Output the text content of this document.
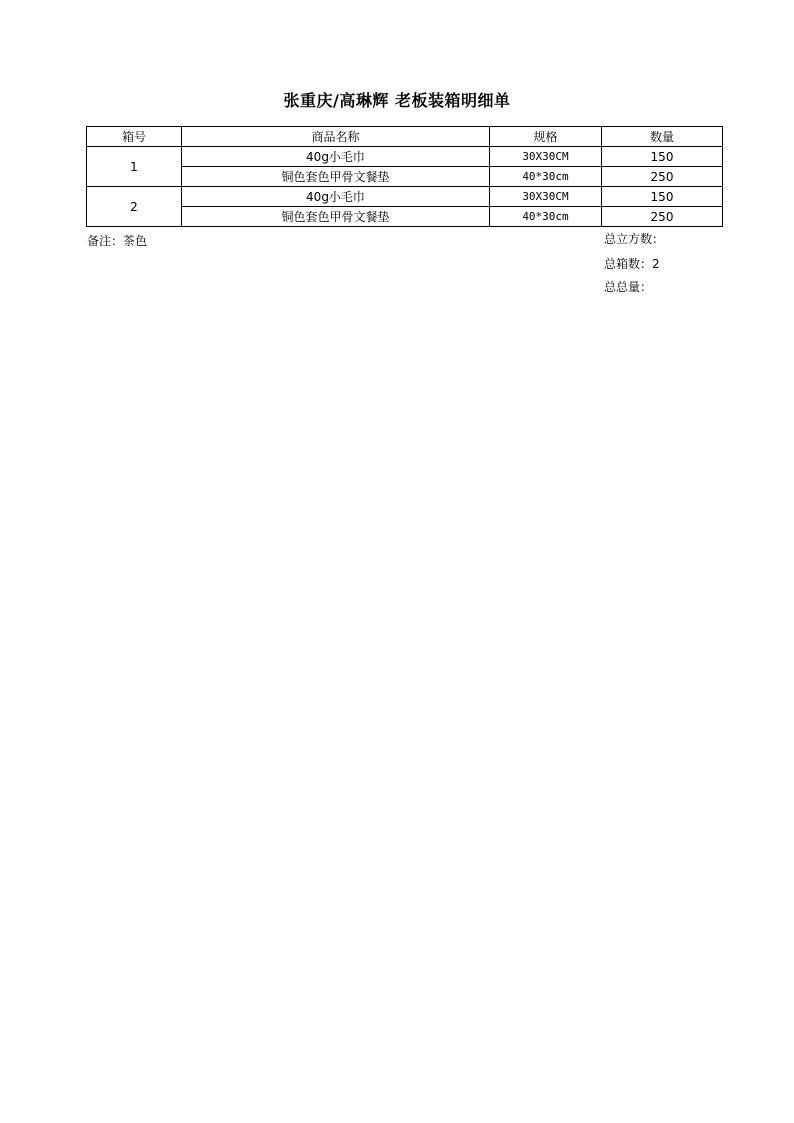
张重庆/高琳辉 老板装箱明细单
箱号	商品名称	规格	数量
1	40g小毛巾	30X30CM	150
	铜色套色甲骨文餐垫	40*30cm	250
2	40g小毛巾	30X30CM	150
	铜色套色甲骨文餐垫	40*30cm	250
备注：茶色	总立方数：
总箱数：2
总总量：
